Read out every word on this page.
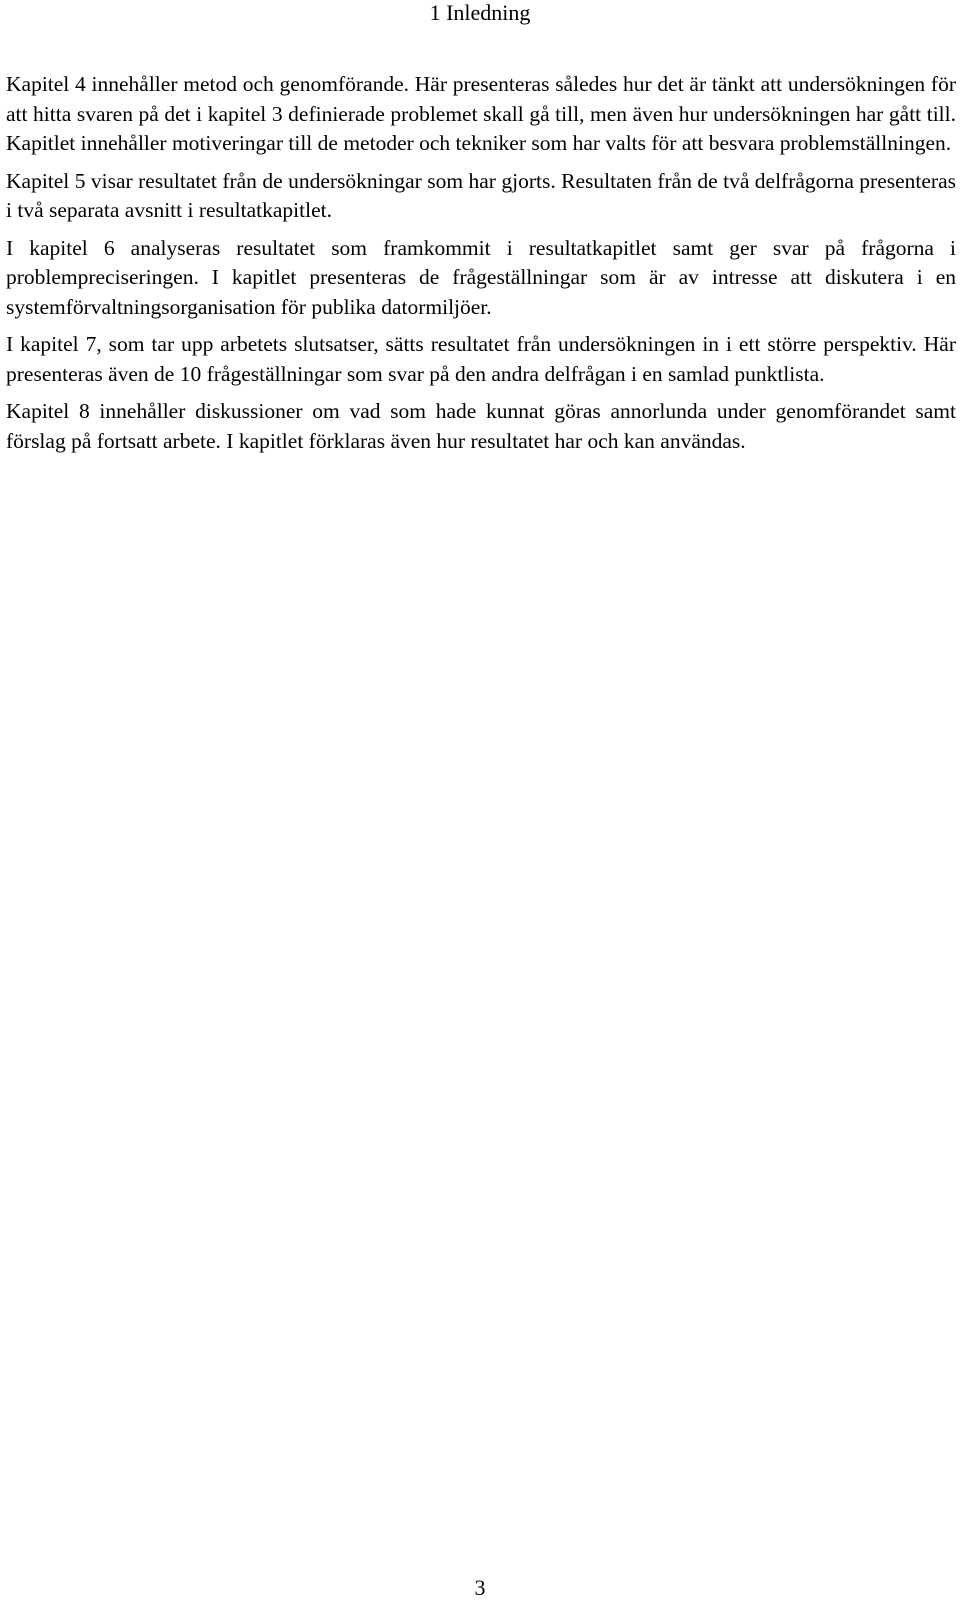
1 Inledning

Kapitel 4 innehåller metod och genomförande. Här presenteras således hur det är tänkt att undersökningen för att hitta svaren på det i kapitel 3 definierade problemet skall gå till, men även hur undersökningen har gått till. Kapitlet innehåller motiveringar till de metoder och tekniker som har valts för att besvara problemställningen.

Kapitel 5 visar resultatet från de undersökningar som har gjorts. Resultaten från de två delfrågorna presenteras i två separata avsnitt i resultatkapitlet.

I kapitel 6 analyseras resultatet som framkommit i resultatkapitlet samt ger svar på frågorna i problempreciseringen. I kapitlet presenteras de frågeställningar som är av intresse att diskutera i en systemförvaltningsorganisation för publika datormiljöer.

I kapitel 7, som tar upp arbetets slutsatser, sätts resultatet från undersökningen in i ett större perspektiv. Här presenteras även de 10 frågeställningar som svar på den andra delfrågan i en samlad punktlista.

Kapitel 8 innehåller diskussioner om vad som hade kunnat göras annorlunda under genomförandet samt förslag på fortsatt arbete. I kapitlet förklaras även hur resultatet har och kan användas.

3
